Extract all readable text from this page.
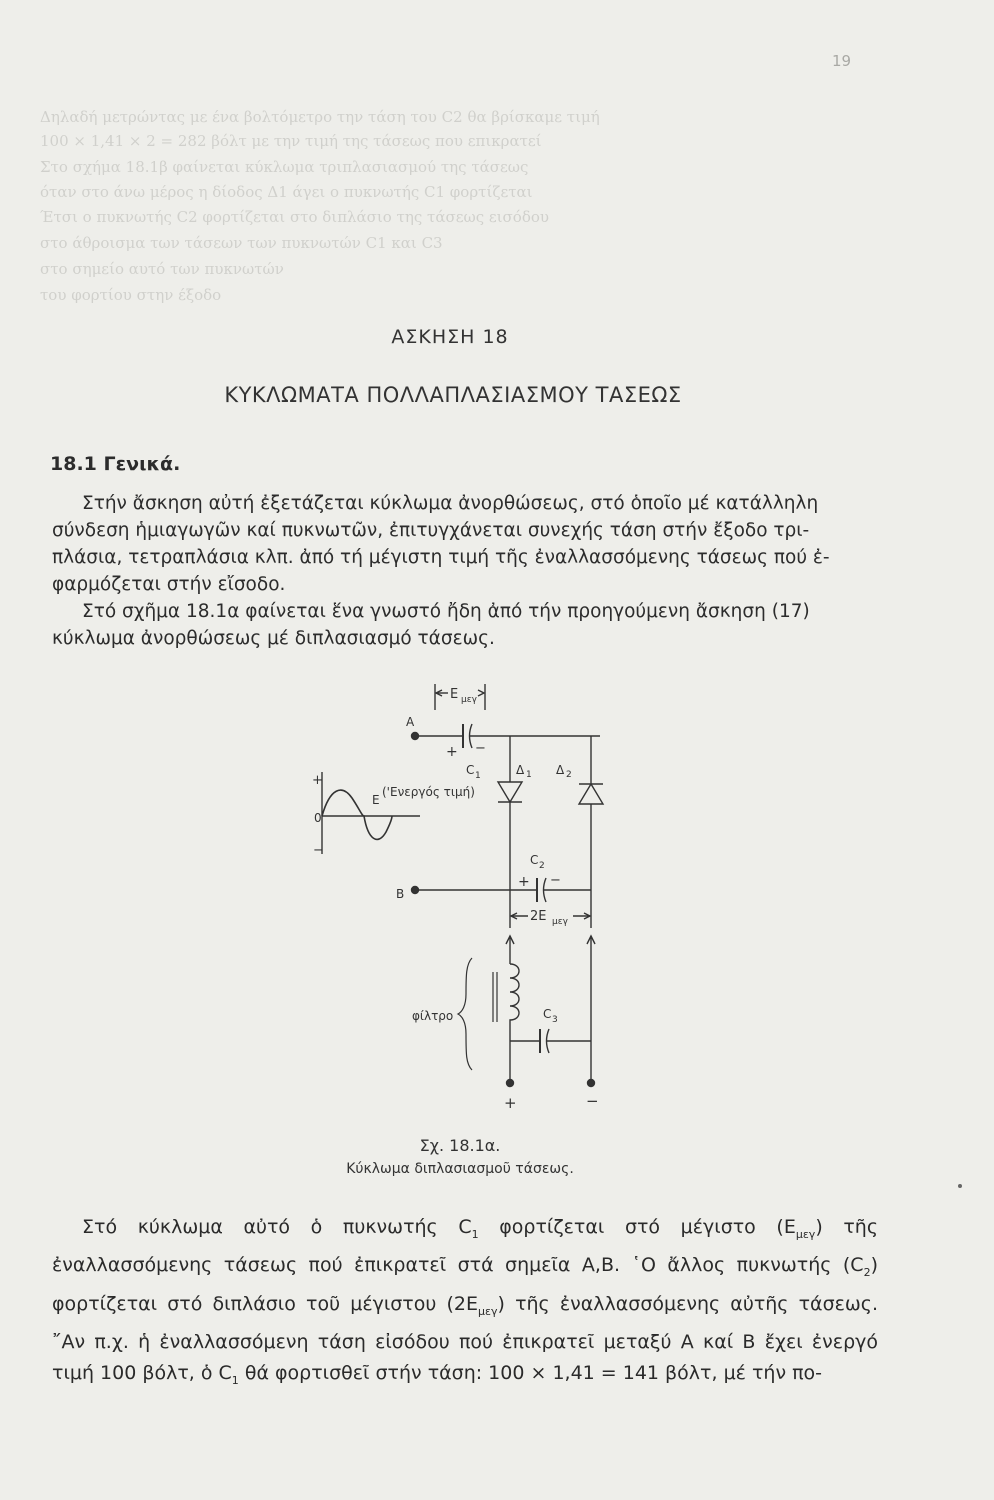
Δηλαδή μετρώντας με ένα βολτόμετρο την τάση του C2 θα βρίσκαμε τιμή
100 × 1,41 × 2 = 282 βόλτ με την τιμή της τάσεως που επικρατεί
Στο σχήμα 18.1β φαίνεται κύκλωμα τριπλασιασμού της τάσεως
όταν στο άνω μέρος η δίοδος Δ1 άγει ο πυκνωτής C1 φορτίζεται
Έτσι ο πυκνωτής C2 φορτίζεται στο διπλάσιο της τάσεως εισόδου
στο άθροισμα των τάσεων των πυκνωτών C1 και C3
στο σημείο αυτό των πυκνωτών
του φορτίου στην έξοδο
19
ΑΣΚΗΣΗ 18
ΚΥΚΛΩΜΑΤΑ ΠΟΛΛΑΠΛΑΣΙΑΣΜΟΥ ΤΑΣΕΩΣ
18.1 Γενικά.
Στήν ἄσκηση αὐτή ἐξετάζεται κύκλωμα ἀνορθώσεως, στό ὁποῖο μέ κατάλληλη
σύνδεση ἡμιαγωγῶν καί πυκνωτῶν, ἐπιτυγχάνεται συνεχής τάση στήν ἔξοδο τρι-
πλάσια, τετραπλάσια κλπ. ἀπό τή μέγιστη τιμή τῆς ἐναλλασσόμενης τάσεως πού ἐ-
φαρμόζεται στήν εἴσοδο.
Στό σχῆμα 18.1α φαίνεται ἕνα γνωστό ἤδη ἀπό τήν προηγούμενη ἄσκηση (17)
κύκλωμα ἀνορθώσεως μέ διπλασιασμό τάσεως.
E μεγ
A
+ −
C 1	Δ 1 Δ 2
+
0
−
E
('Ενεργός τιμή)
B
+ −
C 2
2E μεγ
φίλτρο	C 3
+	−
Σχ. 18.1α.
Κύκλωμα διπλασιασμοῦ τάσεως.
Στό κύκλωμα αὐτό ὁ πυκνωτής $C_1$ φορτίζεται στό μέγιστο $(E_{\mu\varepsilon\gamma})$ τῆς
ἐναλλασσόμενης τάσεως πού ἐπικρατεῖ στά σημεῖα Α,Β. ῾Ο ἄλλος πυκνωτής $(C_2)$
φορτίζεται στό διπλάσιο τοῦ μέγιστου $(2E_{\mu\varepsilon\gamma})$ τῆς ἐναλλασσόμενης αὐτῆς τάσεως.
῎Αν π.χ. ἡ ἐναλλασσόμενη τάση εἰσόδου πού ἐπικρατεῖ μεταξύ Α καί Β ἔχει ἐνεργό
τιμή 100 βόλτ, ὁ $C_1$ θά φορτισθεῖ στήν τάση: 100 × 1,41 = 141 βόλτ, μέ τήν πο-
